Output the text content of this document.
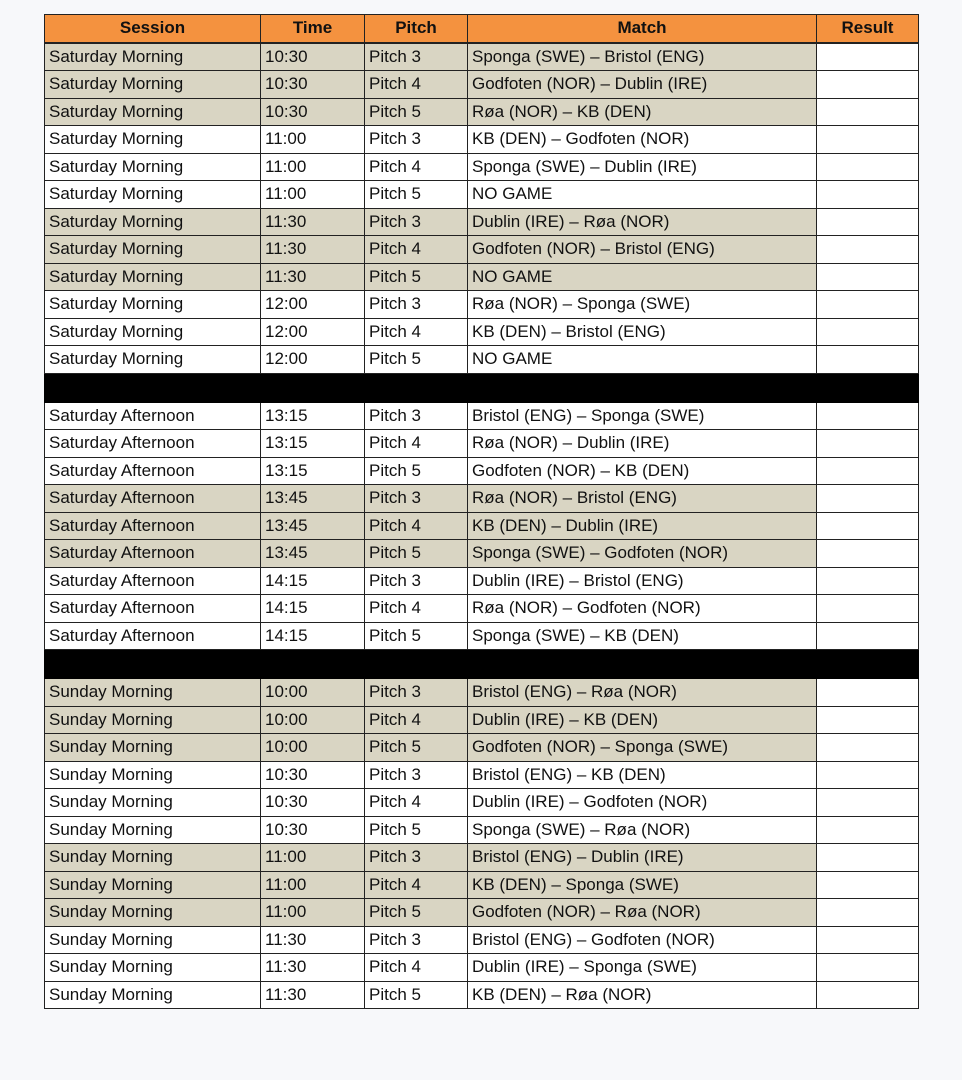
Session	Time	Pitch	Match	Result
Saturday Morning	10:30	Pitch 3	Sponga (SWE) – Bristol (ENG)	
Saturday Morning	10:30	Pitch 4	Godfoten (NOR) – Dublin (IRE)	
Saturday Morning	10:30	Pitch 5	Røa (NOR) – KB (DEN)	
Saturday Morning	11:00	Pitch 3	KB (DEN) – Godfoten (NOR)	
Saturday Morning	11:00	Pitch 4	Sponga (SWE) – Dublin (IRE)	
Saturday Morning	11:00	Pitch 5	NO GAME	
Saturday Morning	11:30	Pitch 3	Dublin (IRE) – Røa (NOR)	
Saturday Morning	11:30	Pitch 4	Godfoten (NOR) – Bristol (ENG)	
Saturday Morning	11:30	Pitch 5	NO GAME	
Saturday Morning	12:00	Pitch 3	Røa (NOR) – Sponga (SWE)	
Saturday Morning	12:00	Pitch 4	KB (DEN) – Bristol (ENG)	
Saturday Morning	12:00	Pitch 5	NO GAME	

Saturday Afternoon	13:15	Pitch 3	Bristol (ENG) – Sponga (SWE)	
Saturday Afternoon	13:15	Pitch 4	Røa (NOR) – Dublin (IRE)	
Saturday Afternoon	13:15	Pitch 5	Godfoten (NOR) – KB (DEN)	
Saturday Afternoon	13:45	Pitch 3	Røa (NOR) – Bristol (ENG)	
Saturday Afternoon	13:45	Pitch 4	KB (DEN) – Dublin (IRE)	
Saturday Afternoon	13:45	Pitch 5	Sponga (SWE) – Godfoten (NOR)	
Saturday Afternoon	14:15	Pitch 3	Dublin (IRE) – Bristol (ENG)	
Saturday Afternoon	14:15	Pitch 4	Røa (NOR) – Godfoten (NOR)	
Saturday Afternoon	14:15	Pitch 5	Sponga (SWE) – KB (DEN)	

Sunday Morning	10:00	Pitch 3	Bristol (ENG) – Røa (NOR)	
Sunday Morning	10:00	Pitch 4	Dublin (IRE) – KB (DEN)	
Sunday Morning	10:00	Pitch 5	Godfoten (NOR) – Sponga (SWE)	
Sunday Morning	10:30	Pitch 3	Bristol (ENG) – KB (DEN)	
Sunday Morning	10:30	Pitch 4	Dublin (IRE) – Godfoten (NOR)	
Sunday Morning	10:30	Pitch 5	Sponga (SWE) – Røa (NOR)	
Sunday Morning	11:00	Pitch 3	Bristol (ENG) – Dublin (IRE)	
Sunday Morning	11:00	Pitch 4	KB (DEN) – Sponga (SWE)	
Sunday Morning	11:00	Pitch 5	Godfoten (NOR) – Røa (NOR)	
Sunday Morning	11:30	Pitch 3	Bristol (ENG) – Godfoten (NOR)	
Sunday Morning	11:30	Pitch 4	Dublin (IRE) – Sponga (SWE)	
Sunday Morning	11:30	Pitch 5	KB (DEN) – Røa (NOR)	
